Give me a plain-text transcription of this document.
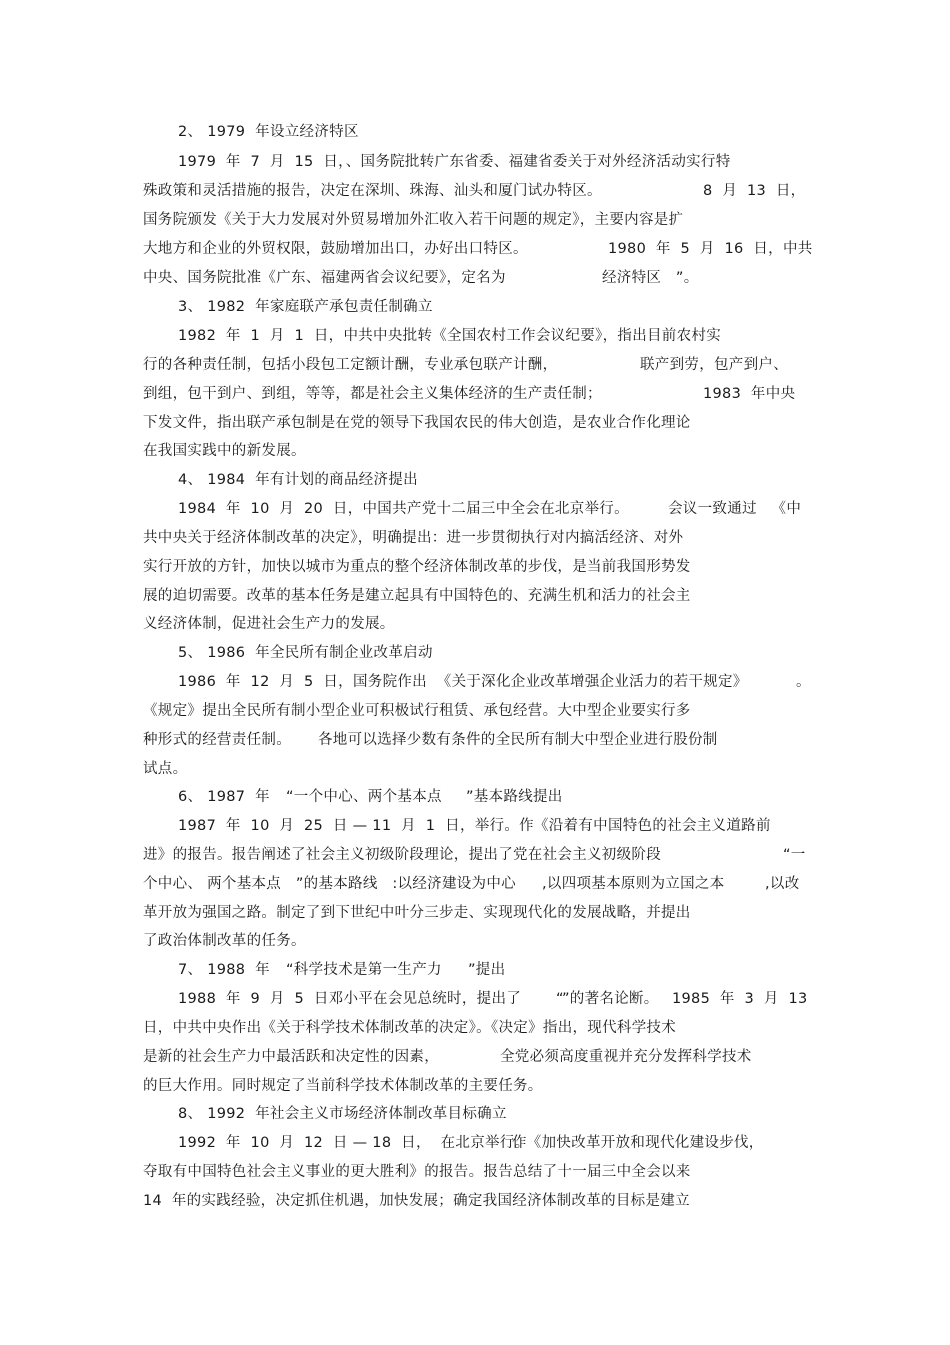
2、 1979  年设立经济特区
1979  年  7  月  15  日，、国务院批转广东省委、福建省委关于对外经济活动实行特
殊政策和灵活措施的报告，决定在深圳、珠海、汕头和厦门试办特区。	8  月  13  日，
国务院颁发《关于大力发展对外贸易增加外汇收入若干问题的规定》，主要内容是扩
大地方和企业的外贸权限，鼓励增加出口，办好出口特区。	1980  年  5  月  16  日，中共
中央、国务院批准《广东、福建两省会议纪要》，定名为	经济特区   ”。
3、 1982  年家庭联产承包责任制确立
1982  年  1  月  1  日，中共中央批转《全国农村工作会议纪要》，指出目前农村实
行的各种责任制，包括小段包工定额计酬，专业承包联产计酬，	联产到劳，包产到户、
到组，包干到户、到组，等等，都是社会主义集体经济的生产责任制；	1983  年中央
下发文件，指出联产承包制是在党的领导下我国农民的伟大创造，是农业合作化理论
在我国实践中的新发展。
4、 1984  年有计划的商品经济提出
1984  年  10  月  20  日，中国共产党十二届三中全会在北京举行。	会议一致通过   《中
共中央关于经济体制改革的决定》，明确提出：进一步贯彻执行对内搞活经济、对外
实行开放的方针，加快以城市为重点的整个经济体制改革的步伐，是当前我国形势发
展的迫切需要。改革的基本任务是建立起具有中国特色的、充满生机和活力的社会主
义经济体制，促进社会生产力的发展。
5、 1986  年全民所有制企业改革启动
1986  年  12  月  5  日，国务院作出  《关于深化企业改革增强企业活力的若干规定》	。
《规定》提出全民所有制小型企业可积极试行租赁、承包经营。大中型企业要实行多
种形式的经营责任制。 各地可以选择少数有条件的全民所有制大中型企业进行股份制
试点。
6、 1987  年 “一个中心、两个基本点 ”基本路线提出
1987  年  10  月  25  日 — 11  月  1  日，举行。作《沿着有中国特色的社会主义道路前
进》的报告。报告阐述了社会主义初级阶段理论，提出了党在社会主义初级阶段	“一
个中心、 两个基本点   ”的基本路线   :以经济建设为中心 ,以四项基本原则为立国之本	,以改
革开放为强国之路。制定了到下世纪中叶分三步走、实现现代化的发展战略，并提出
了政治体制改革的任务。
7、 1988  年 “科学技术是第一生产力 ”提出
1988  年  9  月  5  日邓小平在会见总统时，提出了 “
”的著名论断。 1985  年  3  月  13
日，中共中央作出《关于科学技术体制改革的决定》。《决定》指出，现代科学技术
是新的社会生产力中最活跃和决定性的因素，	全党必须高度重视并充分发挥科学技术
的巨大作用。同时规定了当前科学技术体制改革的主要任务。
8、 1992  年社会主义市场经济体制改革目标确立
1992  年  10  月  12  日 — 18  日，  在北京举行。
作《加快改革开放和现代化建设步伐，
夺取有中国特色社会主义事业的更大胜利》的报告。报告总结了十一届三中全会以来
14  年的实践经验，决定抓住机遇，加快发展；确定我国经济体制改革的目标是建立
